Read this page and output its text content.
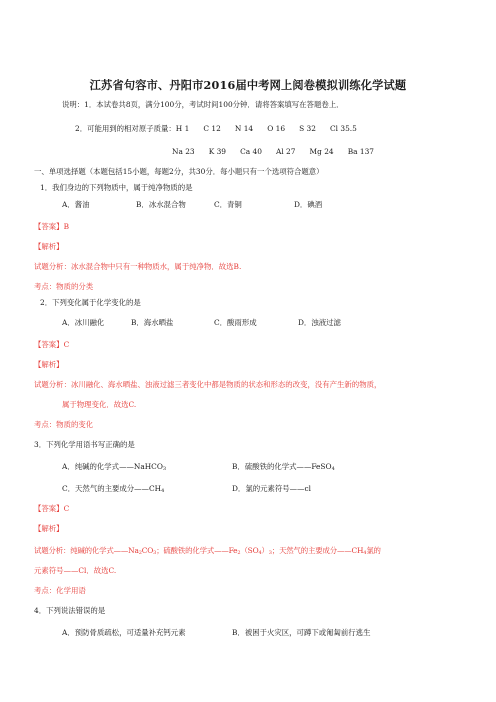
江苏省句容市、丹阳市2016届中考网上阅卷模拟训练化学试题
说明：1．本试卷共8页，满分100分，考试时间100分钟．请将答案填写在答题卷上．
2．可能用到的相对原子质量：H 1      C 12      N 14      O 16      S 32      Cl 35.5
Na 23      K 39      Ca 40      Al 27      Mg 24      Ba 137
一、单项选择题（本题包括15小题，每题2分，共30分．每小题只有一个选项符合题意）
1．我们身边的下列物质中，属于纯净物质的是
A．酱油	B．冰水混合物	C．青铜	D．碘酒
【答案】B
【解析】
试题分析：冰水混合物中只有一种物质水，属于纯净物．故选B.
考点：物质的分类
2．下列变化属于化学变化的是
A．冰川融化	B．海水晒盐	C．酸雨形成	D．浊液过滤
【答案】C
【解析】
试题分析：冰川融化、海水晒盐、浊液过滤三者变化中都是物质的状态和形态的改变，没有产生新的物质，
属于物理变化．故选C.
考点：物质的变化
3．下列化学用语书写正确的是
A．纯碱的化学式——NaHCO$_3$	B．硫酸铁的化学式——FeSO$_4$
C．天然气的主要成分$——CH_4$	D．氯的元素符号——cl
【答案】C
【解析】
试题分析：纯碱的化学式$——Na_2CO_3$；硫酸铁的化学式$——Fe_2(SO_4)_3$；天然气的主要成分$——CH_4$氯的
元素符号——Cl．故选C.
考点：化学用语
4．下列说法错误的是
A．预防骨质疏松，可适量补充钙元素	B．被困于火灾区，可蹲下或匍匐前行逃生
